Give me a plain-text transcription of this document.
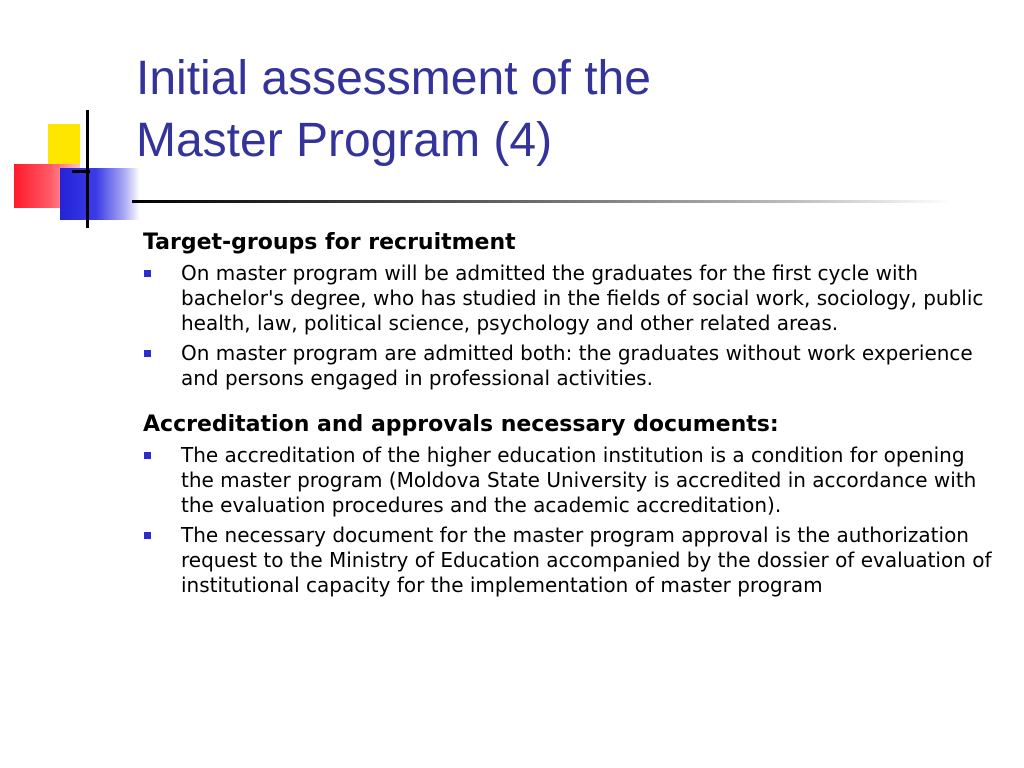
Initial assessment of the
Master Program (4)

Target-groups for recruitment

On master program will be admitted the graduates for the first cycle with bachelor's degree, who has studied in the fields of social work, sociology, public health, law, political science, psychology and other related areas.
On master program are admitted both: the graduates without work experience and persons engaged in professional activities.

Accreditation and approvals necessary documents:

The accreditation of the higher education institution is a condition for opening the master program (Moldova State University is accredited in accordance with the evaluation procedures and the academic accreditation).
The necessary document for the master program approval is the authorization request to the Ministry of Education accompanied by the dossier of evaluation of institutional capacity for the implementation of master program
